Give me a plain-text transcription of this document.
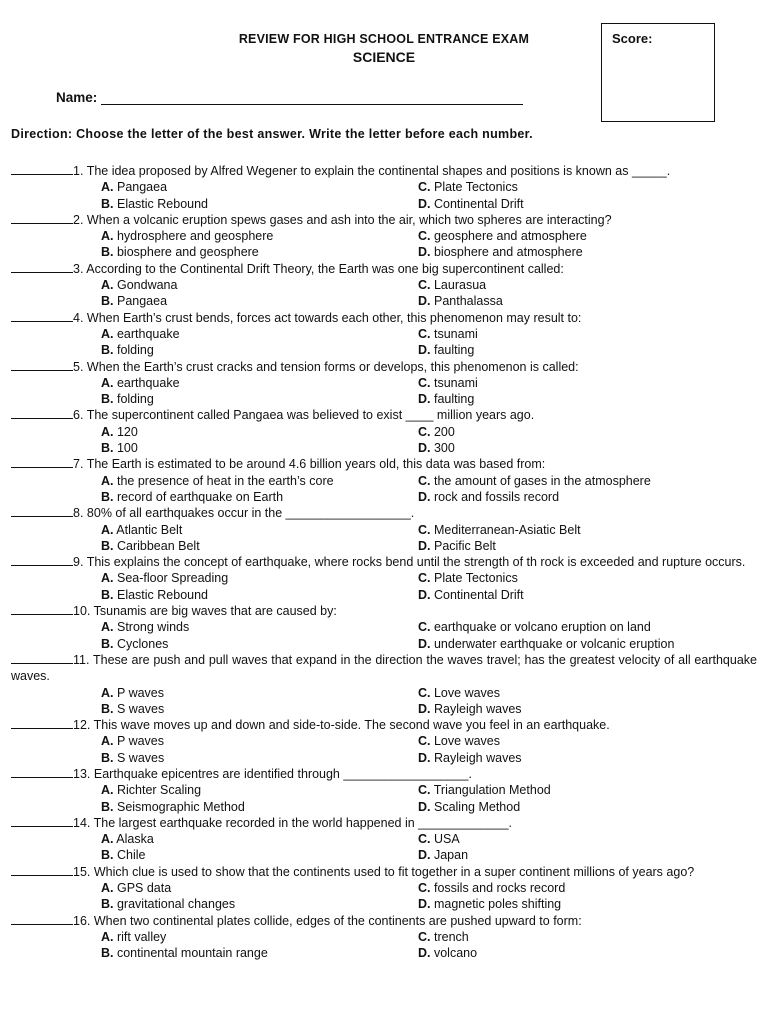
REVIEW FOR HIGH SCHOOL ENTRANCE EXAM
SCIENCE
Score:
Name:
Direction: Choose the letter of the best answer. Write the letter before each number.
1. The idea proposed by Alfred Wegener to explain the continental shapes and positions is known as _____.
A. Pangaea	C. Plate Tectonics
B. Elastic Rebound	D. Continental Drift
2. When a volcanic eruption spews gases and ash into the air, which two spheres are interacting?
A. hydrosphere and geosphere	C. geosphere and atmosphere
B. biosphere and geosphere	D. biosphere and atmosphere
3. According to the Continental Drift Theory, the Earth was one big supercontinent called:
A. Gondwana	C. Laurasua
B. Pangaea	D. Panthalassa
4. When Earth’s crust bends, forces act towards each other, this phenomenon may result to:
A. earthquake	C. tsunami
B. folding	D. faulting
5. When the Earth’s crust cracks and tension forms or develops, this phenomenon is called:
A. earthquake	C. tsunami
B. folding	D. faulting
6. The supercontinent called Pangaea was believed to exist ____ million years ago.
A. 120	C. 200
B. 100	D. 300
7. The Earth is estimated to be around 4.6 billion years old, this data was based from:
A. the presence of heat in the earth’s core	C. the amount of gases in the atmosphere
B. record of earthquake on Earth	D. rock and fossils record
8. 80% of all earthquakes occur in the __________________.
A. Atlantic Belt	C. Mediterranean-Asiatic Belt
B. Caribbean Belt	D. Pacific Belt
9. This explains the concept of earthquake, where rocks bend until the strength of th rock is exceeded and rupture occurs.
A. Sea-floor Spreading	C. Plate Tectonics
B. Elastic Rebound	D. Continental Drift
10. Tsunamis are big waves that are caused by:
A. Strong winds	C. earthquake or volcano eruption on land
B. Cyclones	D. underwater earthquake or volcanic eruption
11. These are push and pull waves that expand in the direction the waves travel; has the greatest velocity of all earthquake waves.
A. P waves	C. Love waves
B. S waves	D. Rayleigh waves
12. This wave moves up and down and side-to-side. The second wave you feel in an earthquake.
A. P waves	C. Love waves
B. S waves	D. Rayleigh waves
13. Earthquake epicentres are identified through __________________.
A. Richter Scaling	C. Triangulation Method
B. Seismographic Method	D. Scaling Method
14. The largest earthquake recorded in the world happened in _____________.
A. Alaska	C. USA
B. Chile	D. Japan
15. Which clue is used to show that the continents used to fit together in a super continent millions of years ago?
A. GPS data	C. fossils and rocks record
B. gravitational changes	D. magnetic poles shifting
16. When two continental plates collide, edges of the continents are pushed upward to form:
A. rift valley	C. trench
B. continental mountain range	D. volcano
